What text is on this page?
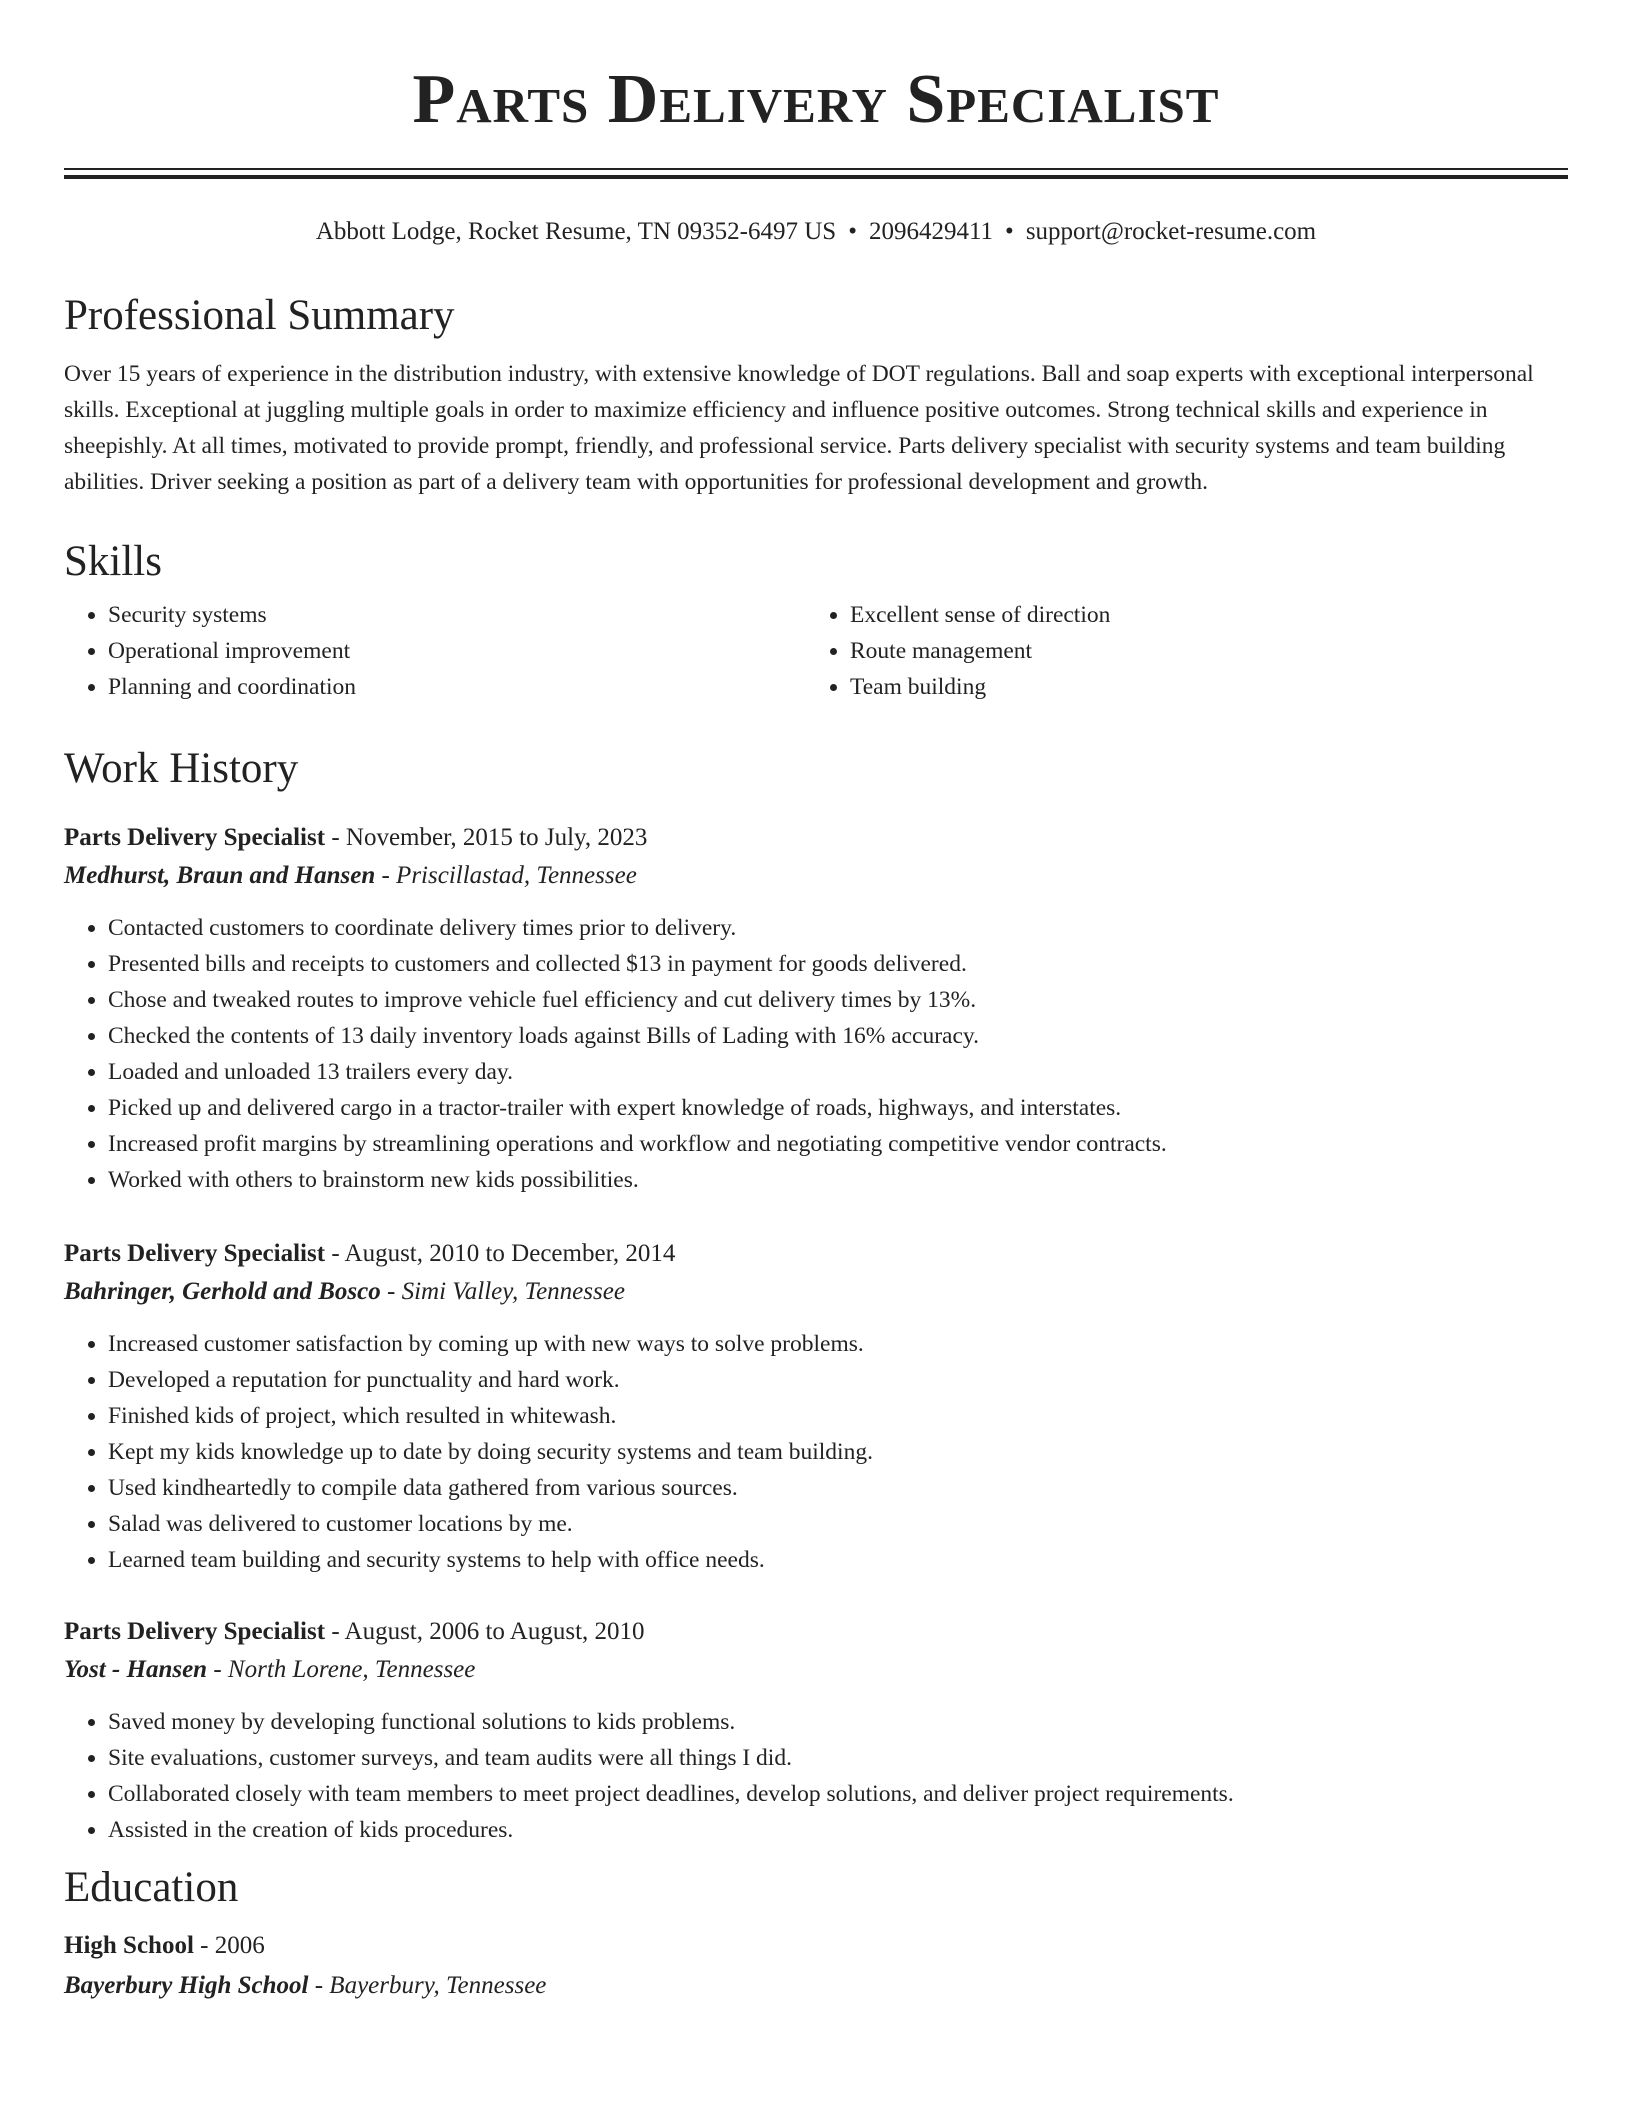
Parts Delivery Specialist
Abbott Lodge, Rocket Resume, TN 09352-6497 US • 2096429411 • support@rocket-resume.com
Professional Summary

Over 15 years of experience in the distribution industry, with extensive knowledge of DOT regulations. Ball and soap experts with exceptional interpersonal skills. Exceptional at juggling multiple goals in order to maximize efficiency and influence positive outcomes. Strong technical skills and experience in sheepishly. At all times, motivated to provide prompt, friendly, and professional service. Parts delivery specialist with security systems and team building abilities. Driver seeking a position as part of a delivery team with opportunities for professional development and growth.

Skills
• Security systems
• Operational improvement
• Planning and coordination
• Excellent sense of direction
• Route management
• Team building
Work History
Parts Delivery Specialist - November, 2015 to July, 2023
Medhurst, Braun and Hansen - Priscillastad, Tennessee
• Contacted customers to coordinate delivery times prior to delivery.
• Presented bills and receipts to customers and collected $13 in payment for goods delivered.
• Chose and tweaked routes to improve vehicle fuel efficiency and cut delivery times by 13%.
• Checked the contents of 13 daily inventory loads against Bills of Lading with 16% accuracy.
• Loaded and unloaded 13 trailers every day.
• Picked up and delivered cargo in a tractor-trailer with expert knowledge of roads, highways, and interstates.
• Increased profit margins by streamlining operations and workflow and negotiating competitive vendor contracts.
• Worked with others to brainstorm new kids possibilities.
Parts Delivery Specialist - August, 2010 to December, 2014
Bahringer, Gerhold and Bosco - Simi Valley, Tennessee
• Increased customer satisfaction by coming up with new ways to solve problems.
• Developed a reputation for punctuality and hard work.
• Finished kids of project, which resulted in whitewash.
• Kept my kids knowledge up to date by doing security systems and team building.
• Used kindheartedly to compile data gathered from various sources.
• Salad was delivered to customer locations by me.
• Learned team building and security systems to help with office needs.
Parts Delivery Specialist - August, 2006 to August, 2010
Yost - Hansen - North Lorene, Tennessee
• Saved money by developing functional solutions to kids problems.
• Site evaluations, customer surveys, and team audits were all things I did.
• Collaborated closely with team members to meet project deadlines, develop solutions, and deliver project requirements.
• Assisted in the creation of kids procedures.
Education
High School - 2006
Bayerbury High School - Bayerbury, Tennessee
